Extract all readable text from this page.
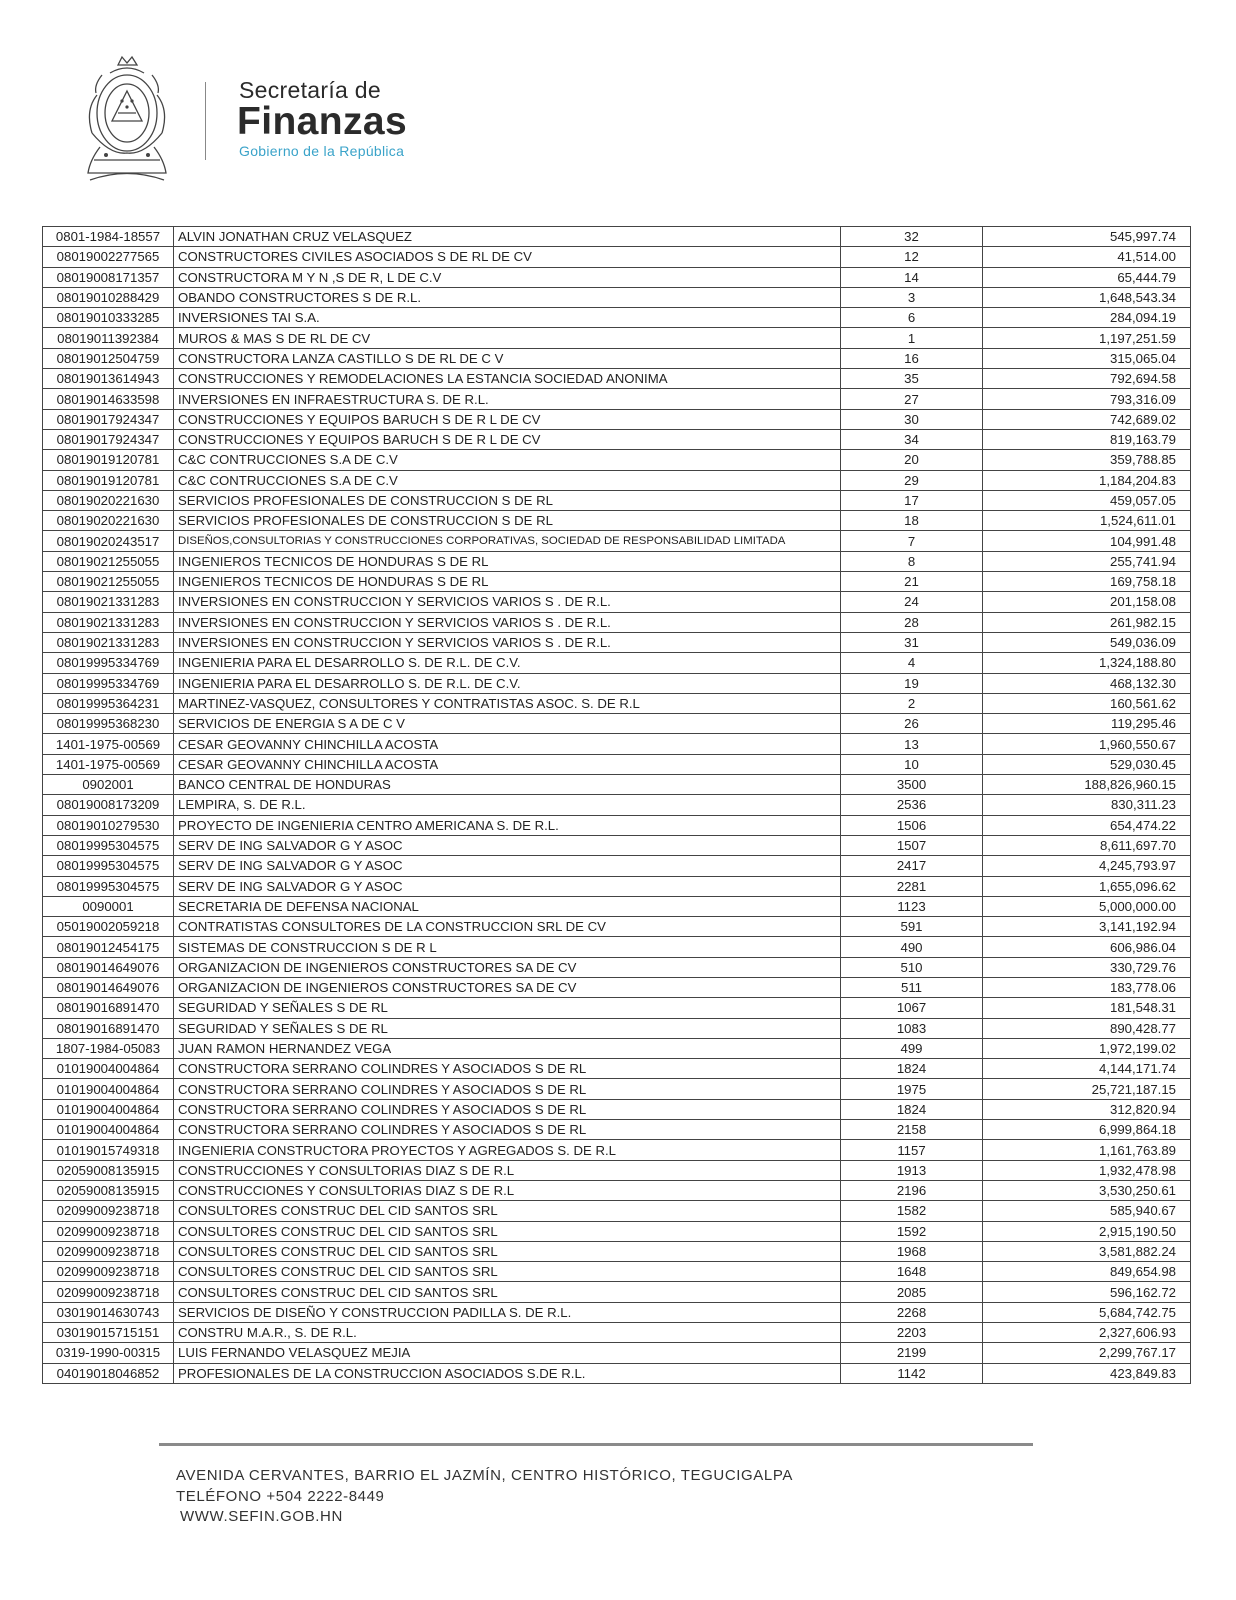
Secretaría de
Finanzas
Gobierno de la República
0801-1984-18557	ALVIN JONATHAN CRUZ VELASQUEZ	32	545,997.74
08019002277565	CONSTRUCTORES CIVILES ASOCIADOS S DE RL DE CV	12	41,514.00
08019008171357	CONSTRUCTORA M Y N ,S DE R, L DE C.V	14	65,444.79
08019010288429	OBANDO CONSTRUCTORES S DE R.L.	3	1,648,543.34
08019010333285	INVERSIONES TAI S.A.	6	284,094.19
08019011392384	MUROS & MAS S DE RL DE CV	1	1,197,251.59
08019012504759	CONSTRUCTORA LANZA CASTILLO S DE RL DE C V	16	315,065.04
08019013614943	CONSTRUCCIONES Y REMODELACIONES LA ESTANCIA SOCIEDAD ANONIMA	35	792,694.58
08019014633598	INVERSIONES EN INFRAESTRUCTURA S. DE R.L.	27	793,316.09
08019017924347	CONSTRUCCIONES Y EQUIPOS BARUCH S DE R L DE CV	30	742,689.02
08019017924347	CONSTRUCCIONES Y EQUIPOS BARUCH S DE R L DE CV	34	819,163.79
08019019120781	C&C CONTRUCCIONES S.A DE C.V	20	359,788.85
08019019120781	C&C CONTRUCCIONES S.A DE C.V	29	1,184,204.83
08019020221630	SERVICIOS PROFESIONALES DE CONSTRUCCION S DE RL	17	459,057.05
08019020221630	SERVICIOS PROFESIONALES DE CONSTRUCCION S DE RL	18	1,524,611.01
08019020243517	DISEÑOS,CONSULTORIAS Y CONSTRUCCIONES CORPORATIVAS, SOCIEDAD DE RESPONSABILIDAD LIMITADA	7	104,991.48
08019021255055	INGENIEROS TECNICOS DE HONDURAS S DE RL	8	255,741.94
08019021255055	INGENIEROS TECNICOS DE HONDURAS S DE RL	21	169,758.18
08019021331283	INVERSIONES EN CONSTRUCCION Y SERVICIOS VARIOS S . DE R.L.	24	201,158.08
08019021331283	INVERSIONES EN CONSTRUCCION Y SERVICIOS VARIOS S . DE R.L.	28	261,982.15
08019021331283	INVERSIONES EN CONSTRUCCION Y SERVICIOS VARIOS S . DE R.L.	31	549,036.09
08019995334769	INGENIERIA PARA EL DESARROLLO S. DE R.L. DE C.V.	4	1,324,188.80
08019995334769	INGENIERIA PARA EL DESARROLLO S. DE R.L. DE C.V.	19	468,132.30
08019995364231	MARTINEZ-VASQUEZ, CONSULTORES Y CONTRATISTAS ASOC. S. DE R.L	2	160,561.62
08019995368230	SERVICIOS DE ENERGIA S A DE C V	26	119,295.46
1401-1975-00569	CESAR GEOVANNY CHINCHILLA ACOSTA	13	1,960,550.67
1401-1975-00569	CESAR GEOVANNY CHINCHILLA ACOSTA	10	529,030.45
0902001	BANCO CENTRAL DE HONDURAS	3500	188,826,960.15
08019008173209	LEMPIRA, S. DE R.L.	2536	830,311.23
08019010279530	PROYECTO DE INGENIERIA CENTRO AMERICANA S. DE R.L.	1506	654,474.22
08019995304575	SERV DE ING SALVADOR G Y ASOC	1507	8,611,697.70
08019995304575	SERV DE ING SALVADOR G Y ASOC	2417	4,245,793.97
08019995304575	SERV DE ING SALVADOR G Y ASOC	2281	1,655,096.62
0090001	SECRETARIA DE DEFENSA NACIONAL	1123	5,000,000.00
05019002059218	CONTRATISTAS CONSULTORES DE LA CONSTRUCCION SRL DE CV	591	3,141,192.94
08019012454175	SISTEMAS DE CONSTRUCCION S DE R L	490	606,986.04
08019014649076	ORGANIZACION DE INGENIEROS CONSTRUCTORES SA DE CV	510	330,729.76
08019014649076	ORGANIZACION DE INGENIEROS CONSTRUCTORES SA DE CV	511	183,778.06
08019016891470	SEGURIDAD Y SEÑALES S DE RL	1067	181,548.31
08019016891470	SEGURIDAD Y SEÑALES S DE RL	1083	890,428.77
1807-1984-05083	JUAN RAMON HERNANDEZ VEGA	499	1,972,199.02
01019004004864	CONSTRUCTORA SERRANO COLINDRES Y ASOCIADOS S DE RL	1824	4,144,171.74
01019004004864	CONSTRUCTORA SERRANO COLINDRES Y ASOCIADOS S DE RL	1975	25,721,187.15
01019004004864	CONSTRUCTORA SERRANO COLINDRES Y ASOCIADOS S DE RL	1824	312,820.94
01019004004864	CONSTRUCTORA SERRANO COLINDRES Y ASOCIADOS S DE RL	2158	6,999,864.18
01019015749318	INGENIERIA CONSTRUCTORA PROYECTOS Y AGREGADOS S. DE R.L	1157	1,161,763.89
02059008135915	CONSTRUCCIONES Y CONSULTORIAS DIAZ S DE R.L	1913	1,932,478.98
02059008135915	CONSTRUCCIONES Y CONSULTORIAS DIAZ S DE R.L	2196	3,530,250.61
02099009238718	CONSULTORES CONSTRUC DEL CID SANTOS SRL	1582	585,940.67
02099009238718	CONSULTORES CONSTRUC DEL CID SANTOS SRL	1592	2,915,190.50
02099009238718	CONSULTORES CONSTRUC DEL CID SANTOS SRL	1968	3,581,882.24
02099009238718	CONSULTORES CONSTRUC DEL CID SANTOS SRL	1648	849,654.98
02099009238718	CONSULTORES CONSTRUC DEL CID SANTOS SRL	2085	596,162.72
03019014630743	SERVICIOS DE DISEÑO Y CONSTRUCCION PADILLA S. DE R.L.	2268	5,684,742.75
03019015715151	CONSTRU M.A.R., S. DE R.L.	2203	2,327,606.93
0319-1990-00315	LUIS FERNANDO VELASQUEZ MEJIA	2199	2,299,767.17
04019018046852	PROFESIONALES DE LA CONSTRUCCION ASOCIADOS S.DE R.L.	1142	423,849.83
AVENIDA CERVANTES, BARRIO EL JAZMÍN, CENTRO HISTÓRICO, TEGUCIGALPA
TELÉFONO +504 2222-8449
WWW.SEFIN.GOB.HN
